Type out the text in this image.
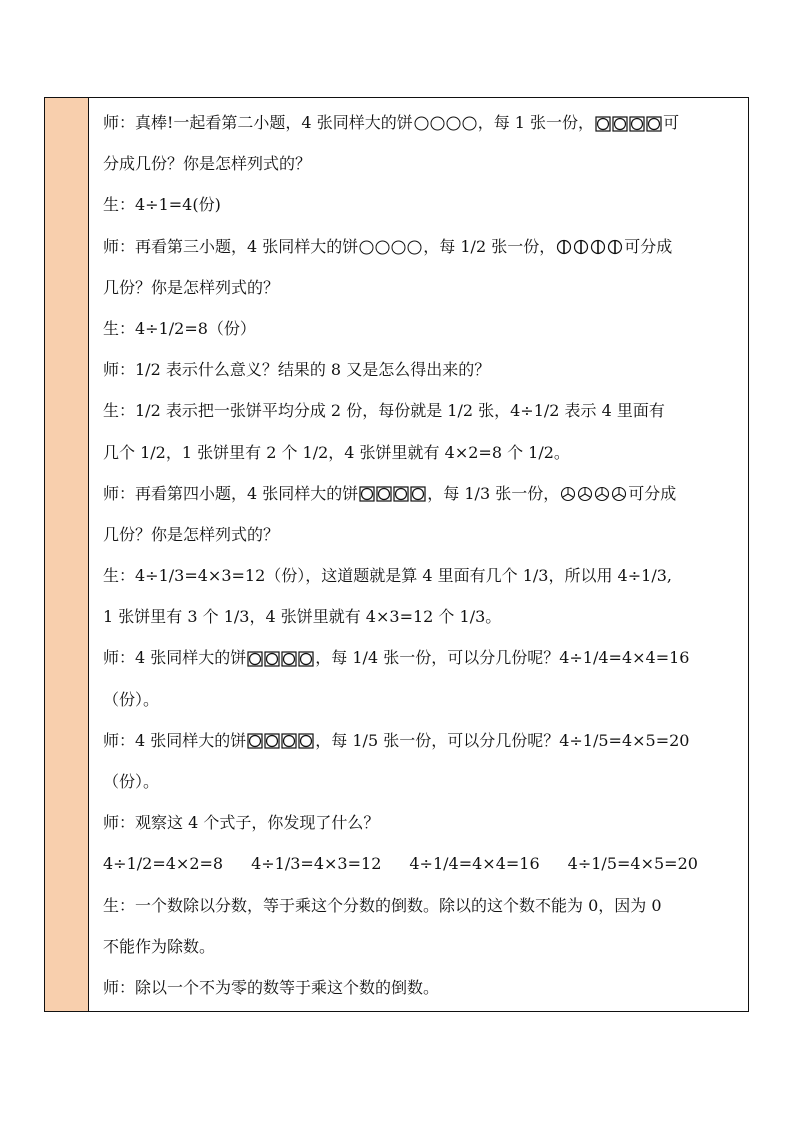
师：真棒!一起看第二小题，4 张同样大的饼	，每 1 张一份，	可
分成几份？你是怎样列式的？
生：4÷1=4(份)
师：再看第三小题，4 张同样大的饼	，每 1/2 张一份，	可分成
几份？你是怎样列式的？
生：4÷1/2=8（份）
师：1/2 表示什么意义？结果的 8 又是怎么得出来的？
生：1/2 表示把一张饼平均分成 2 份，每份就是 1/2 张，4÷1/2 表示 4 里面有
几个 1/2，1 张饼里有 2 个 1/2，4 张饼里就有 4×2=8 个 1/2。
师：再看第四小题，4 张同样大的饼	，每 1/3 张一份，	可分成
几份？你是怎样列式的？
生：4÷1/3=4×3=12（份），这道题就是算 4 里面有几个 1/3，所以用 4÷1/3,
1 张饼里有 3 个 1/3，4 张饼里就有 4×3=12 个 1/3。
师：4 张同样大的饼	，每 1/4 张一份，可以分几份呢？4÷1/4=4×4=16
（份）。
师：4 张同样大的饼	，每 1/5 张一份，可以分几份呢？4÷1/5=4×5=20
（份）。
师：观察这 4 个式子，你发现了什么？
4÷1/2=4×2=8 4÷1/3=4×3=12 4÷1/4=4×4=16 4÷1/5=4×5=20
生：一个数除以分数，等于乘这个分数的倒数。除以的这个数不能为 0，因为 0
不能作为除数。
师：除以一个不为零的数等于乘这个数的倒数。
